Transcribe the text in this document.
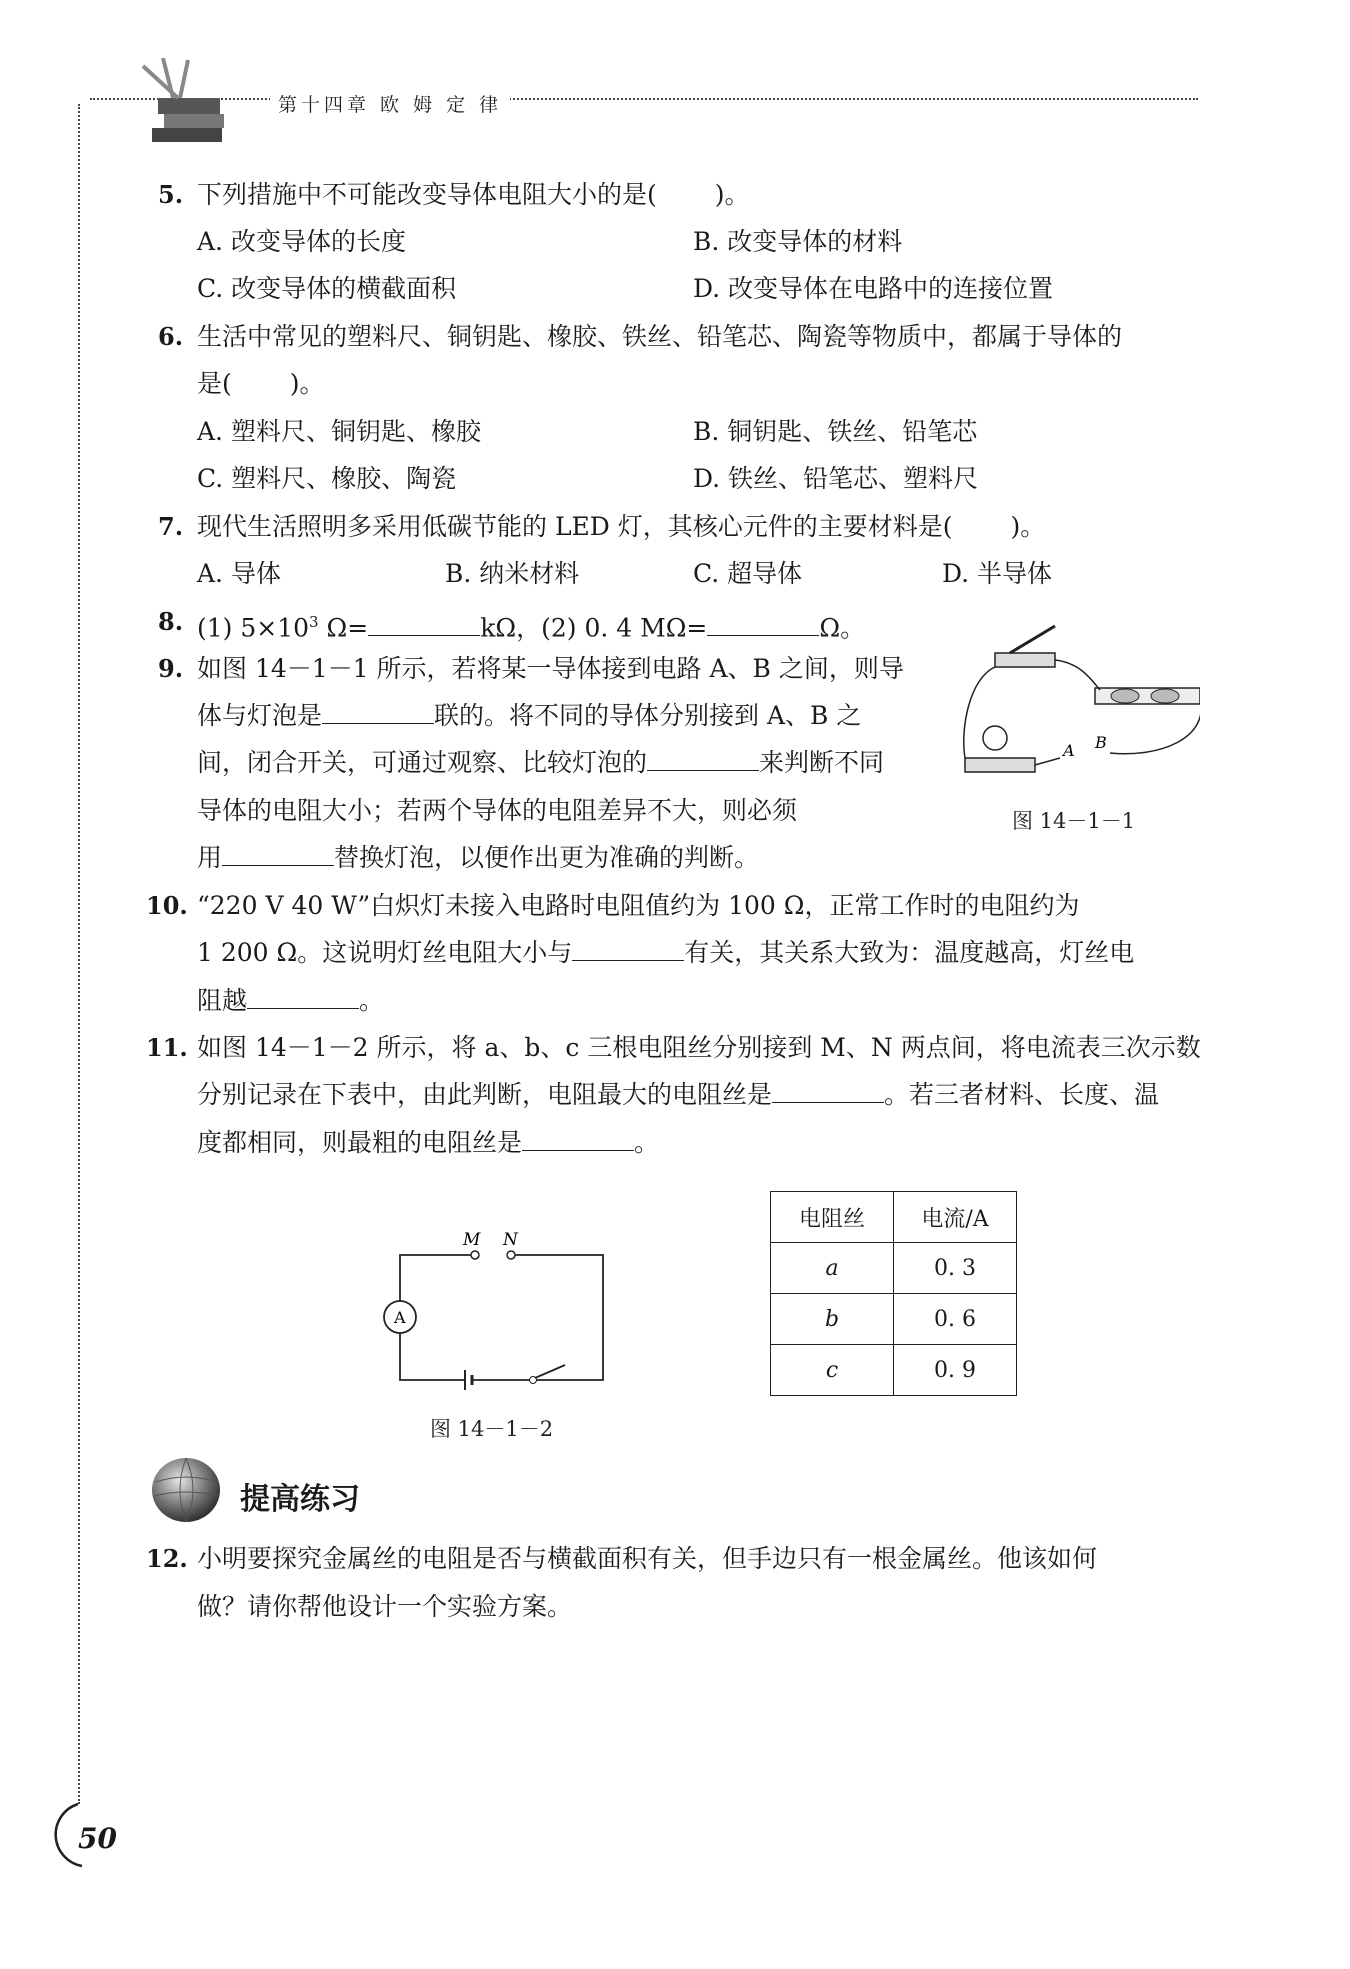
第十四章 欧 姆 定 律
5. 下列措施中不可能改变导体电阻大小的是( )。
A. 改变导体的长度	B. 改变导体的材料
C. 改变导体的横截面积	D. 改变导体在电路中的连接位置
6. 生活中常见的塑料尺、铜钥匙、橡胶、铁丝、铅笔芯、陶瓷等物质中，都属于导体的
是( )。
A. 塑料尺、铜钥匙、橡胶	B. 铜钥匙、铁丝、铅笔芯
C. 塑料尺、橡胶、陶瓷	D. 铁丝、铅笔芯、塑料尺
7. 现代生活照明多采用低碳节能的 LED 灯，其核心元件的主要材料是( )。
A. 导体	B. 纳米材料	C. 超导体	D. 半导体
8. (1) $5\times 10^3$ Ω=	kΩ，(2) 0. 4 MΩ=	Ω。
9. 如图 14－1－1 所示，若将某一导体接到电路 A、B 之间，则导
体与灯泡是	联的。将不同的导体分别接到 A、B 之
间，闭合开关，可通过观察、比较灯泡的	来判断不同
导体的电阻大小；若两个导体的电阻差异不大，则必须
用	替换灯泡，以便作出更为准确的判断。
A B
图 14－1－1
10. “220 V 40 W”白炽灯未接入电路时电阻值约为 100 Ω，正常工作时的电阻约为
1 200 Ω。这说明灯丝电阻大小与	有关，其关系大致为：温度越高，灯丝电
阻越	。
11. 如图 14－1－2 所示，将 a、b、c 三根电阻丝分别接到 M、N 两点间，将电流表三次示数
分别记录在下表中，由此判断，电阻最大的电阻丝是	。若三者材料、长度、温
度都相同，则最粗的电阻丝是	。
M N
A
图 14－1－2
电阻丝	电流/A
a	0. 3
b	0. 6
c	0. 9
提高练习
12. 小明要探究金属丝的电阻是否与横截面积有关，但手边只有一根金属丝。他该如何
做？请你帮他设计一个实验方案。
50
